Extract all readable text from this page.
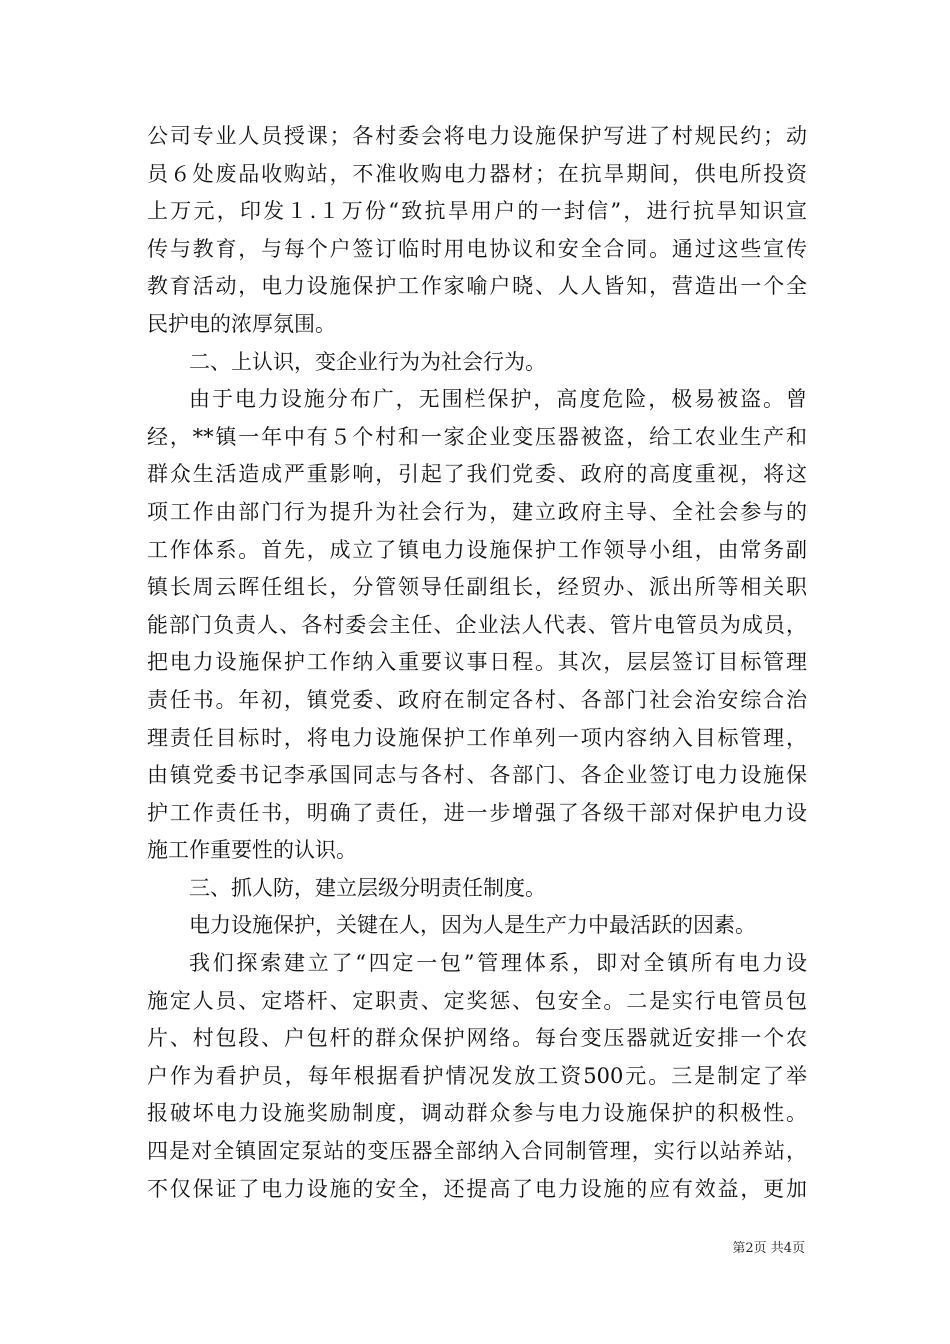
公司专业人员授课；各村委会将电力设施保护写进了村规民约；动
员６处废品收购站，不准收购电力器材；在抗旱期间，供电所投资
上万元，印发１.１万份“致抗旱用户的一封信”，进行抗旱知识宣
传与教育，与每个户签订临时用电协议和安全合同。通过这些宣传
教育活动，电力设施保护工作家喻户晓、人人皆知，营造出一个全
民护电的浓厚氛围。
二、上认识，变企业行为为社会行为。
由于电力设施分布广，无围栏保护，高度危险，极易被盗。曾
经，**镇一年中有５个村和一家企业变压器被盗，给工农业生产和
群众生活造成严重影响，引起了我们党委、政府的高度重视，将这
项工作由部门行为提升为社会行为，建立政府主导、全社会参与的
工作体系。首先，成立了镇电力设施保护工作领导小组，由常务副
镇长周云晖任组长，分管领导任副组长，经贸办、派出所等相关职
能部门负责人、各村委会主任、企业法人代表、管片电管员为成员，
把电力设施保护工作纳入重要议事日程。其次，层层签订目标管理
责任书。年初，镇党委、政府在制定各村、各部门社会治安综合治
理责任目标时，将电力设施保护工作单列一项内容纳入目标管理，
由镇党委书记李承国同志与各村、各部门、各企业签订电力设施保
护工作责任书，明确了责任，进一步增强了各级干部对保护电力设
施工作重要性的认识。
三、抓人防，建立层级分明责任制度。
电力设施保护，关键在人，因为人是生产力中最活跃的因素。
我们探索建立了“四定一包”管理体系，即对全镇所有电力设
施定人员、定塔杆、定职责、定奖惩、包安全。二是实行电管员包
片、村包段、户包杆的群众保护网络。每台变压器就近安排一个农
户作为看护员，每年根据看护情况发放工资500元。三是制定了举
报破坏电力设施奖励制度，调动群众参与电力设施保护的积极性。
四是对全镇固定泵站的变压器全部纳入合同制管理，实行以站养站，
不仅保证了电力设施的安全，还提高了电力设施的应有效益，更加
第2页 共4页
